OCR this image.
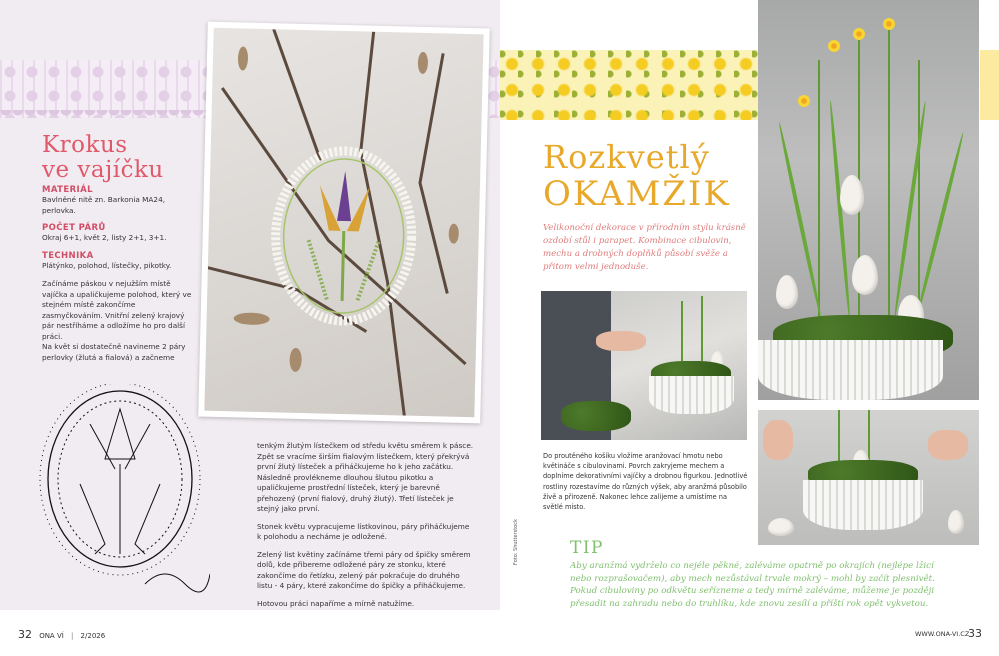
Krokus
ve vajíčku
MATERIÁL
Bavlněné nitě zn. Barkonia MA24, perlovka.
POČET PÁRŮ
Okraj 6+1, květ 2, listy 2+1, 3+1.
TECHNIKA
Plátýnko, polohod, lístečky, pikotky.
Začínáme páskou v nejužším místě vajíčka a upaličkujeme polohod, který ve stejném místě zakončíme zasmyčkováním. Vnitřní zelený krajový pár nestříháme a odložíme ho pro další práci.
Na květ si dostatečně navineme 2 páry perlovky (žlutá a fialová) a začneme
tenkým žlutým lístečkem od středu květu směrem k pásce. Zpět se vracíme širším fialovým lístečkem, který překrývá první žlutý lísteček a přiháčkujeme ho k jeho začátku. Následně provlékneme dlouhou šlutou pikotku a upaličkujeme prostřední lísteček, který je barevně přehozený (první fialový, druhý žlutý). Třetí lísteček je stejný jako první.
Stonek květu vypracujeme lístkovinou, páry přiháčkujeme k polohodu a necháme je odložené.
Zelený list květiny začínáme třemi páry od špičky směrem dolů, kde přibereme odložené páry ze stonku, které zakončíme do řetízku, zelený pár pokračuje do druhého listu - 4 páry, které zakončíme do špičky a přiháčkujeme.
Hotovou práci napaříme a mírně natužíme.
32 ONA VÍ | 2/2026
Rozkvetlý
OKAMŽIK
Velikonoční dekorace v přírodním stylu krásně ozdobí stůl i parapet. Kombinace cibulovin, mechu a drobných doplňků působí svěže a přitom velmi jednoduše.
Do proutěného košíku vložíme aranžovací hmotu nebo květináče s cibulovinami. Povrch zakryjeme mechem a doplníme dekorativními vajíčky a drobnou figurkou. Jednotlivé rostliny rozestavíme do různých výšek, aby aranžmá působilo živě a přirozeně. Nakonec lehce zalijeme a umístíme na světlé místo.
Foto: Shutterstock	TIP
Aby aranžmá vydrželo co nejéle pěkné, zaléváme opatrně po okrajích (nejlépe lžicí nebo rozprašovačem), aby mech nezůstával trvale mokrý – mohl by začít plesnivět. Pokud cibuloviny po odkvětu seřízneme a tedy mírně zaléváme, můžeme je později přesadit na zahradu nebo do truhlíku, kde znovu zesílí a příští rok opět vykvetou.
WWW.ONA-VI.CZ
33
